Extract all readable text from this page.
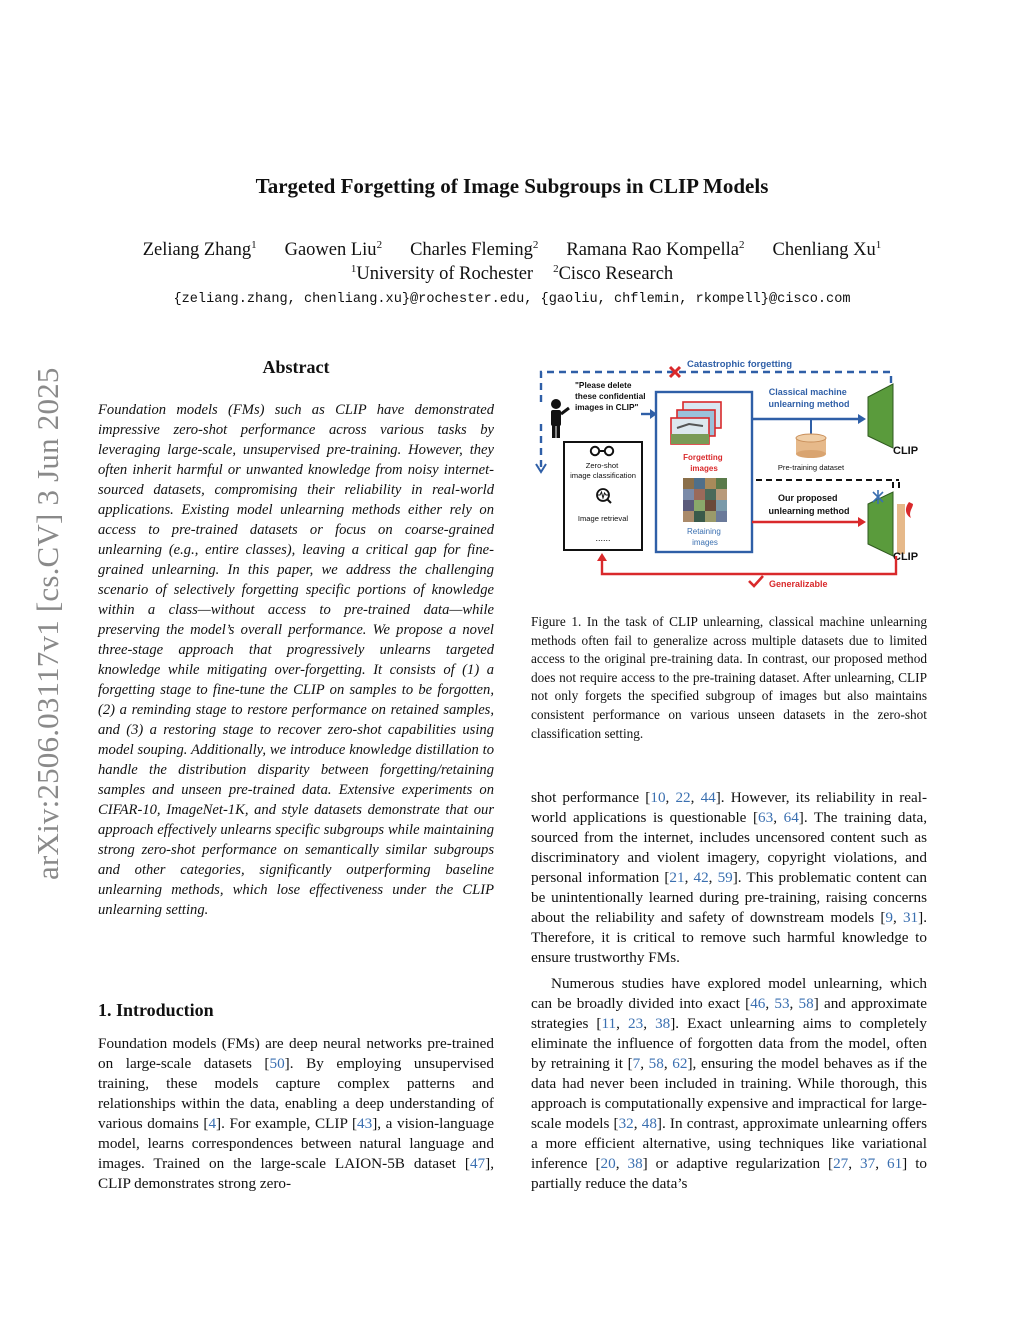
arXiv:2506.03117v1 [cs.CV] 3 Jun 2025
Targeted Forgetting of Image Subgroups in CLIP Models
Zeliang Zhang$^1$ Gaowen Liu$^2$ Charles Fleming$^2$ Ramana Rao Kompella$^2$ Chenliang Xu$^1$
$^1$University of Rochester $^2$Cisco Research
{zeliang.zhang, chenliang.xu}@rochester.edu, {gaoliu, chflemin, rkompell}@cisco.com
Abstract
Foundation models (FMs) such as CLIP have demonstrated impressive zero-shot performance across various tasks by leveraging large-scale, unsupervised pre-training. However, they often inherit harmful or unwanted knowledge from noisy internet-sourced datasets, compromising their reliability in real-world applications. Existing model unlearning methods either rely on access to pre-trained datasets or focus on coarse-grained unlearning (e.g., entire classes), leaving a critical gap for fine-grained unlearning. In this paper, we address the challenging scenario of selectively forgetting specific portions of knowledge within a class—without access to pre-trained data—while preserving the model’s overall performance. We propose a novel three-stage approach that progressively unlearns targeted knowledge while mitigating over-forgetting. It consists of (1) a forgetting stage to fine-tune the CLIP on samples to be forgotten, (2) a reminding stage to restore performance on retained samples, and (3) a restoring stage to recover zero-shot capabilities using model souping. Additionally, we introduce knowledge distillation to handle the distribution disparity between forgetting/retaining samples and unseen pre-trained data. Extensive experiments on CIFAR-10, ImageNet-1K, and style datasets demonstrate that our approach effectively unlearns specific subgroups while maintaining strong zero-shot performance on semantically similar subgroups and other categories, significantly outperforming baseline unlearning methods, which lose effectiveness under the CLIP unlearning setting.
1. Introduction
Foundation models (FMs) are deep neural networks pre-trained on large-scale datasets [50]. By employing unsupervised training, these models capture complex patterns and relationships within the data, enabling a deep understanding of various domains [4]. For example, CLIP [43], a vision-language model, learns correspondences between natural language and images. Trained on the large-scale LAION-5B dataset [47], CLIP demonstrates strong zero-
Catastrophic forgetting
"Please delete these confidential images in CLIP"
Zero-shot image classification
Image retrieval
......
Forgetting images
Retaining images
Classical machine unlearning method
Pre-training dataset
Our proposed unlearning method
CLIP
CLIP
Generalizable
Figure 1. In the task of CLIP unlearning, classical machine unlearning methods often fail to generalize across multiple datasets due to limited access to the original pre-training data. In contrast, our proposed method does not require access to the pre-training dataset. After unlearning, CLIP not only forgets the specified subgroup of images but also maintains consistent performance on various unseen datasets in the zero-shot classification setting.
shot performance [10, 22, 44]. However, its reliability in real-world applications is questionable [63, 64]. The training data, sourced from the internet, includes uncensored content such as discriminatory and violent imagery, copyright violations, and personal information [21, 42, 59]. This problematic content can be unintentionally learned during pre-training, raising concerns about the reliability and safety of downstream models [9, 31]. Therefore, it is critical to remove such harmful knowledge to ensure trustworthy FMs.
Numerous studies have explored model unlearning, which can be broadly divided into exact [46, 53, 58] and approximate strategies [11, 23, 38]. Exact unlearning aims to completely eliminate the influence of forgotten data from the model, often by retraining it [7, 58, 62], ensuring the model behaves as if the data had never been included in training. While thorough, this approach is computationally expensive and impractical for large-scale models [32, 48]. In contrast, approximate unlearning offers a more efficient alternative, using techniques like variational inference [20, 38] or adaptive regularization [27, 37, 61] to partially reduce the data’s
